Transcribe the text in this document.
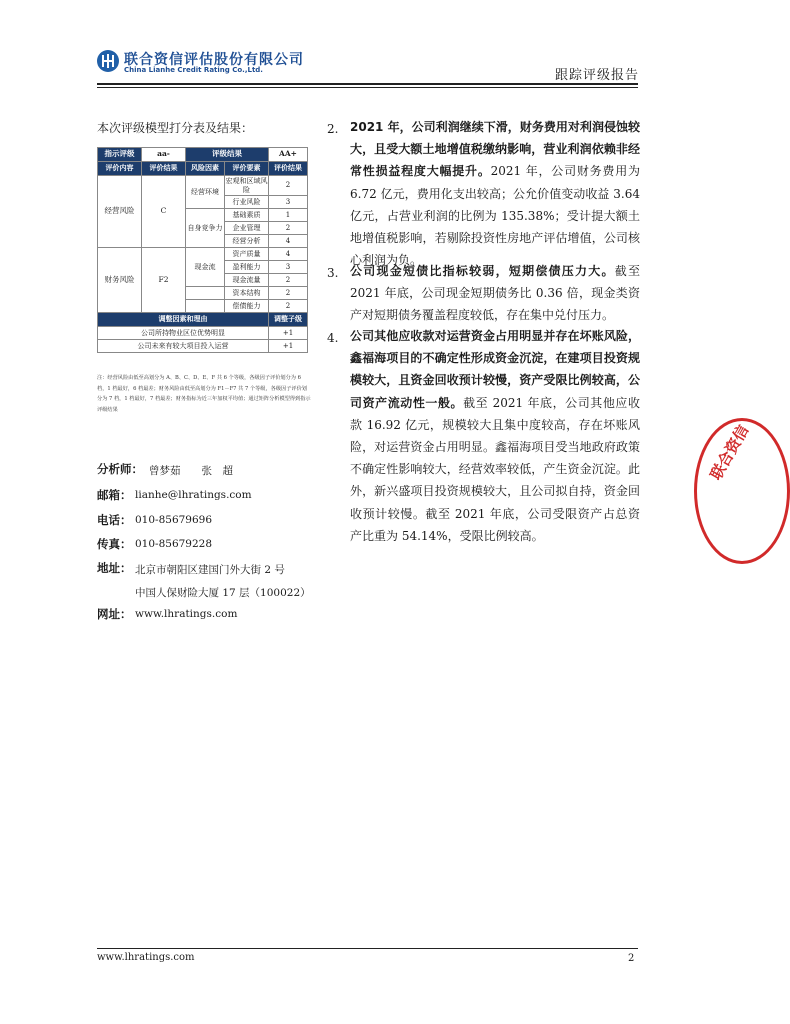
联合资信评估股份有限公司
China Lianhe Credit Rating Co.,Ltd.	跟踪评级报告
本次评级模型打分表及结果：
指示评级	aa-	评级结果		AA+
评价内容	评价结果	风险因素	评价要素	评价结果
经营风险	C	经营环境	宏观和区域风险	2
			行业风险	3
		自身竞争力	基础素质	1
			企业管理	2
			经营分析	4
财务风险	F2	现金流	资产质量	4
			盈利能力	3
			现金流量	2
			资本结构	2
			偿债能力	2
调整因素和理由				调整子级
公司所持物业区位优势明显				+1
公司未来有较大项目投入运营				+1
注：经营风险由低至高划分为 A、B、C、D、E、F 共 6 个等级，各级因子评价划分为 6 档，1 档最好，6 档最差；财务风险由低至高划分为 F1－F7 共 7 个等级，各级因子评价划分为 7 档，1 档最好，7 档最差；财务指标为近三年加权平均值；通过矩阵分析模型得到指示评级结果
分析师： 曾梦茹　　张　超
邮箱： lianhe@lhratings.com
电话： 010-85679696
传真： 010-85679228
地址： 北京市朝阳区建国门外大街 2 号
中国人保财险大厦 17 层（100022）
网址： www.lhratings.com
2. 2021 年，公司利润继续下滑，财务费用对利润侵蚀较大，且受大额土地增值税缴纳影响，营业利润依赖非经常性损益程度大幅提升。2021 年，公司财务费用为 6.72 亿元，费用化支出较高；公允价值变动收益 3.64 亿元，占营业利润的比例为 135.38%；受计提大额土地增值税影响，若剔除投资性房地产评估增值，公司核心利润为负。
3. 公司现金短债比指标较弱，短期偿债压力大。截至 2021 年底，公司现金短期债务比 0.36 倍，现金类资产对短期债务覆盖程度较低，存在集中兑付压力。
4. 公司其他应收款对运营资金占用明显并存在坏账风险，鑫福海项目的不确定性形成资金沉淀，在建项目投资规模较大，且资金回收预计较慢，资产受限比例较高，公司资产流动性一般。截至 2021 年底，公司其他应收款 16.92 亿元，规模较大且集中度较高，存在坏账风险，对运营资金占用明显。鑫福海项目受当地政府政策不确定性影响较大，经营效率较低，产生资金沉淀。此外，新兴盛项目投资规模较大，且公司拟自持，资金回收预计较慢。截至 2021 年底，公司受限资产占总资产比重为 54.14%，受限比例较高。
联合资信
www.lhratings.com	2
